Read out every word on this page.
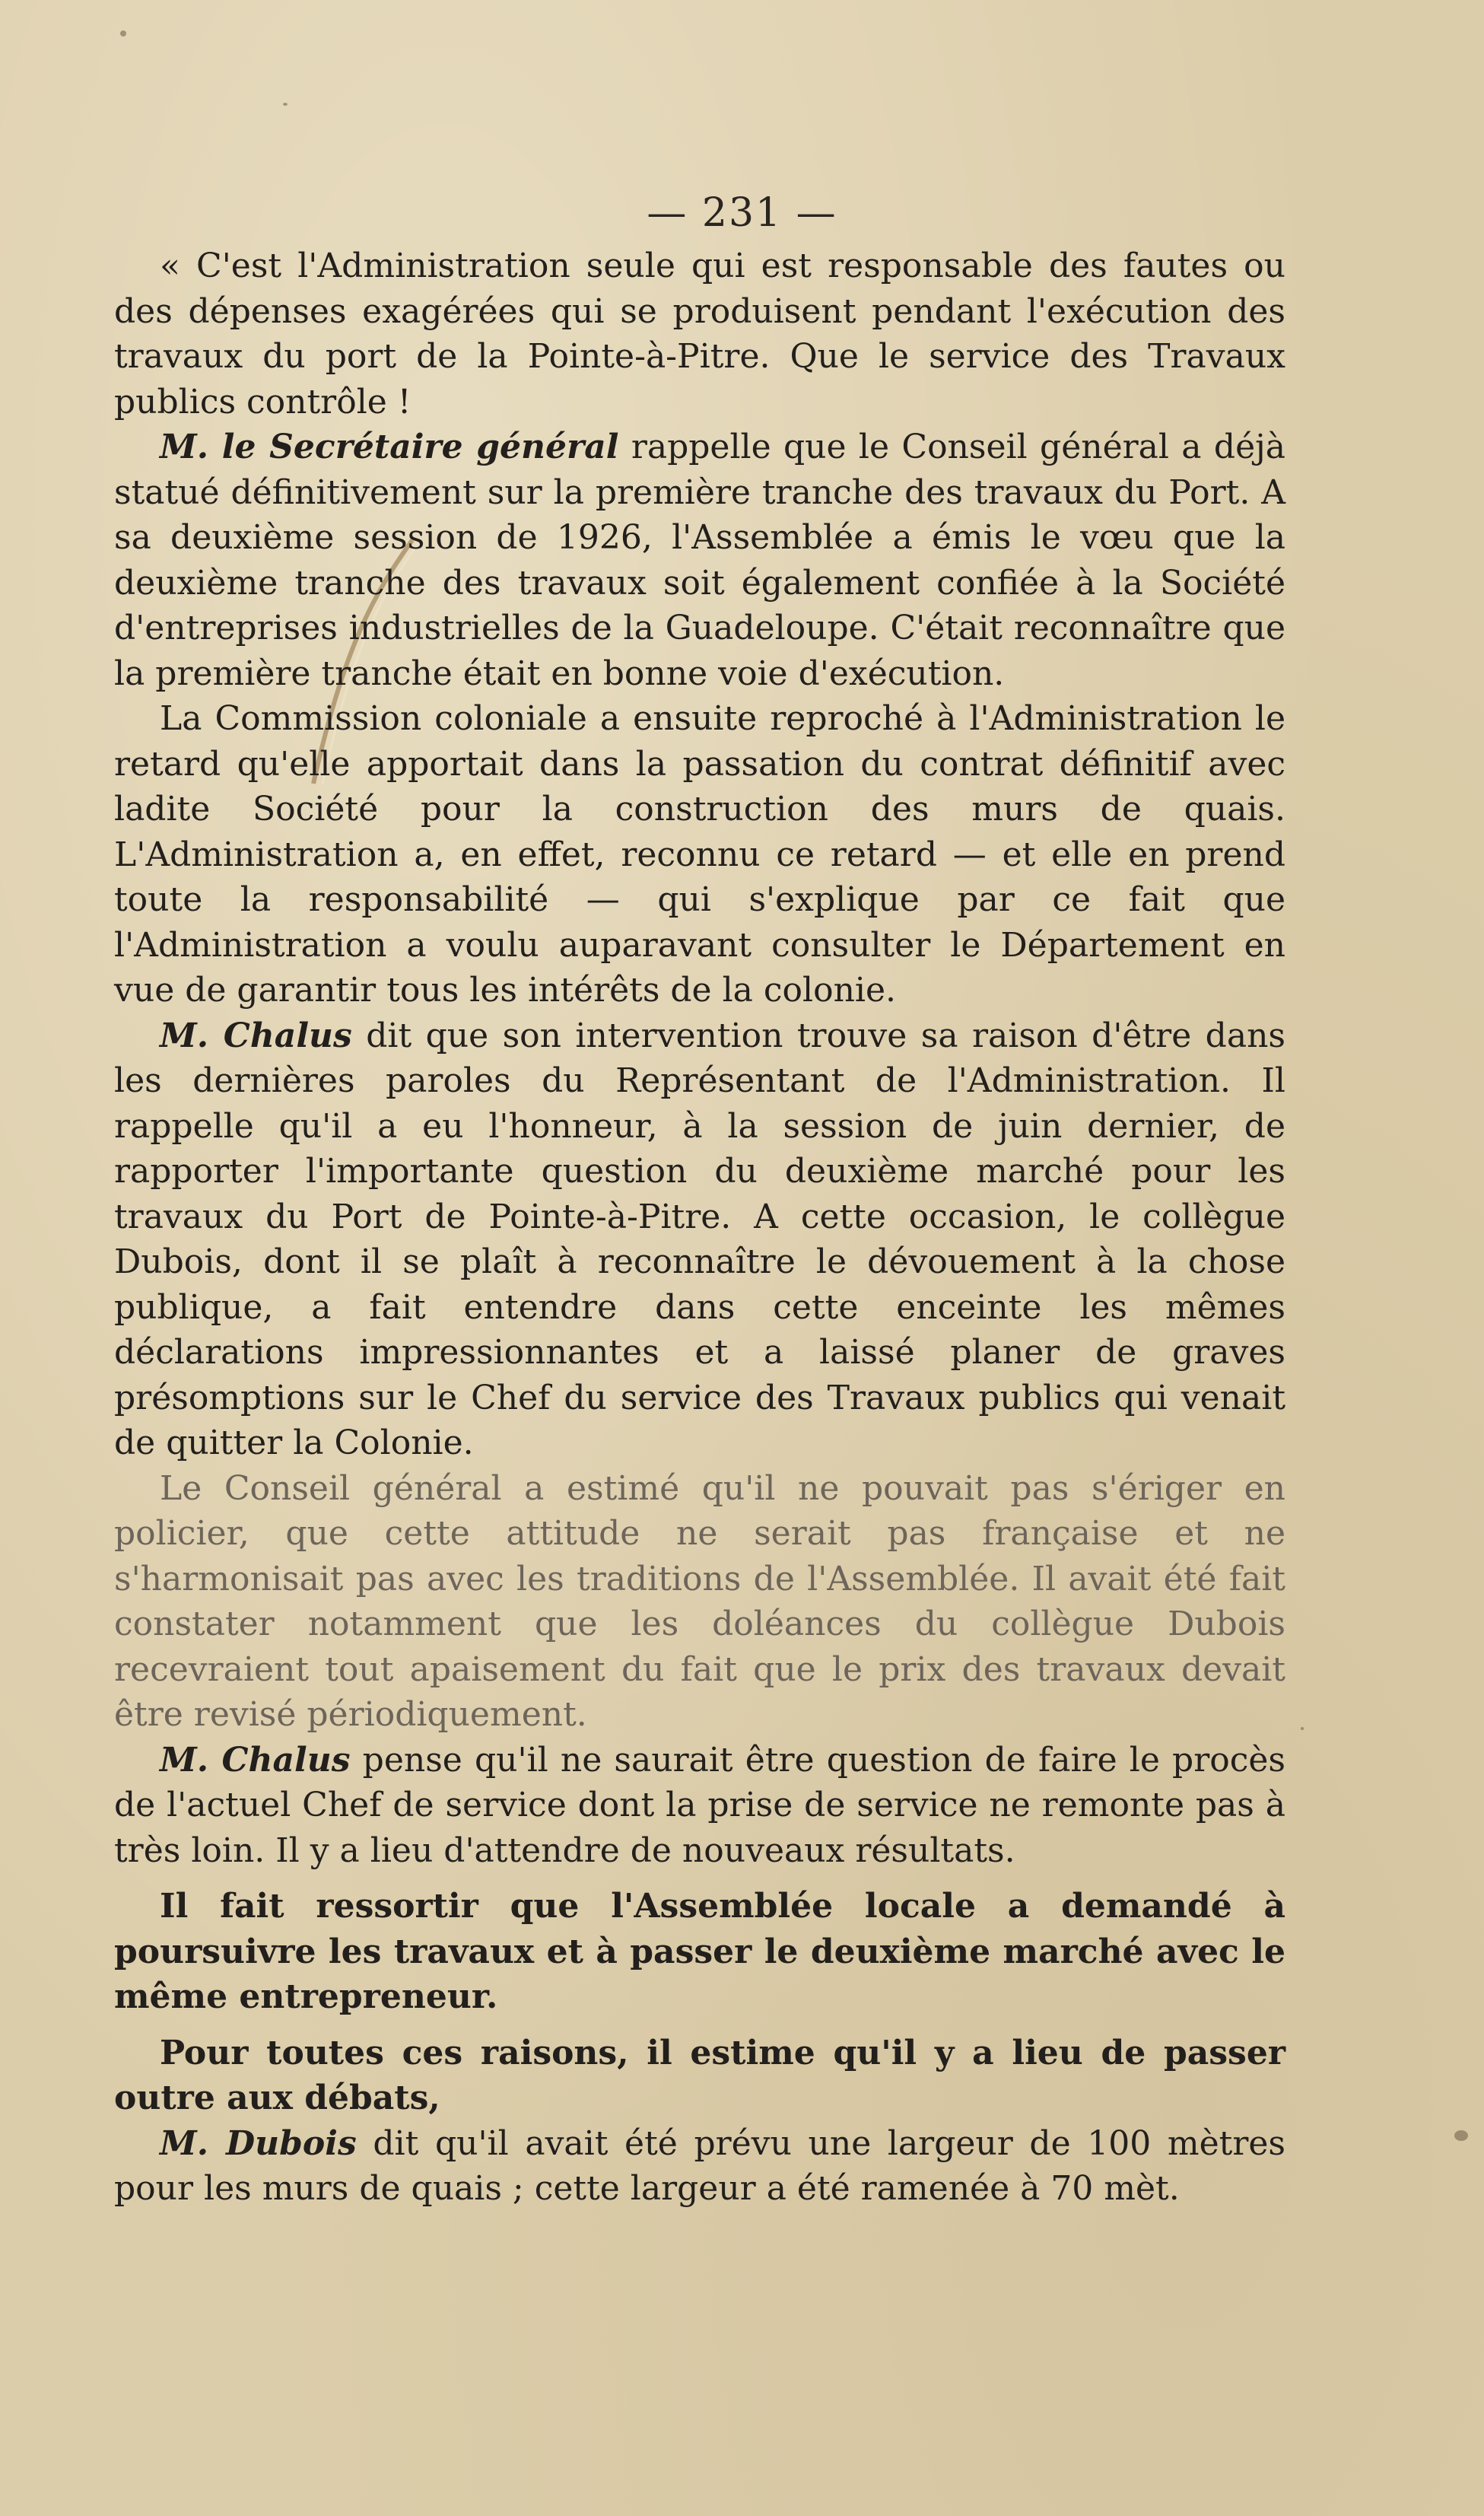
— 231 —

« C'est l'Administration seule qui est responsable des fautes ou des dépenses exagérées qui se produisent pendant l'exécution des travaux du port de la Pointe-à-Pitre. Que le service des Travaux publics contrôle !

M. le Secrétaire général rappelle que le Conseil général a déjà statué définitivement sur la première tranche des travaux du Port. A sa deuxième session de 1926, l'Assemblée a émis le vœu que la deuxième tranche des travaux soit également confiée à la Société d'entreprises industrielles de la Guadeloupe. C'était reconnaître que la première tranche était en bonne voie d'exécution.

La Commission coloniale a ensuite reproché à l'Administration le retard qu'elle apportait dans la passation du contrat définitif avec ladite Société pour la construction des murs de quais. L'Administration a, en effet, reconnu ce retard — et elle en prend toute la responsabilité — qui s'explique par ce fait que l'Administration a voulu auparavant consulter le Département en vue de garantir tous les intérêts de la colonie.

M. Chalus dit que son intervention trouve sa raison d'être dans les dernières paroles du Représentant de l'Administration. Il rappelle qu'il a eu l'honneur, à la session de juin dernier, de rapporter l'importante question du deuxième marché pour les travaux du Port de Pointe-à-Pitre. A cette occasion, le collègue Dubois, dont il se plaît à reconnaître le dévouement à la chose publique, a fait entendre dans cette enceinte les mêmes déclarations impressionnantes et a laissé planer de graves présomptions sur le Chef du service des Travaux publics qui venait de quitter la Colonie.

Le Conseil général a estimé qu'il ne pouvait pas s'ériger en policier, que cette attitude ne serait pas française et ne s'harmonisait pas avec les traditions de l'Assemblée. Il avait été fait constater notamment que les doléances du collègue Dubois recevraient tout apaisement du fait que le prix des travaux devait être revisé périodiquement.

M. Chalus pense qu'il ne saurait être question de faire le procès de l'actuel Chef de service dont la prise de service ne remonte pas à très loin. Il y a lieu d'attendre de nouveaux résultats.

Il fait ressortir que l'Assemblée locale a demandé à poursuivre les travaux et à passer le deuxième marché avec le même entrepreneur.

Pour toutes ces raisons, il estime qu'il y a lieu de passer outre aux débats,

M. Dubois dit qu'il avait été prévu une largeur de 100 mètres pour les murs de quais ; cette largeur a été ramenée à 70 mèt.
